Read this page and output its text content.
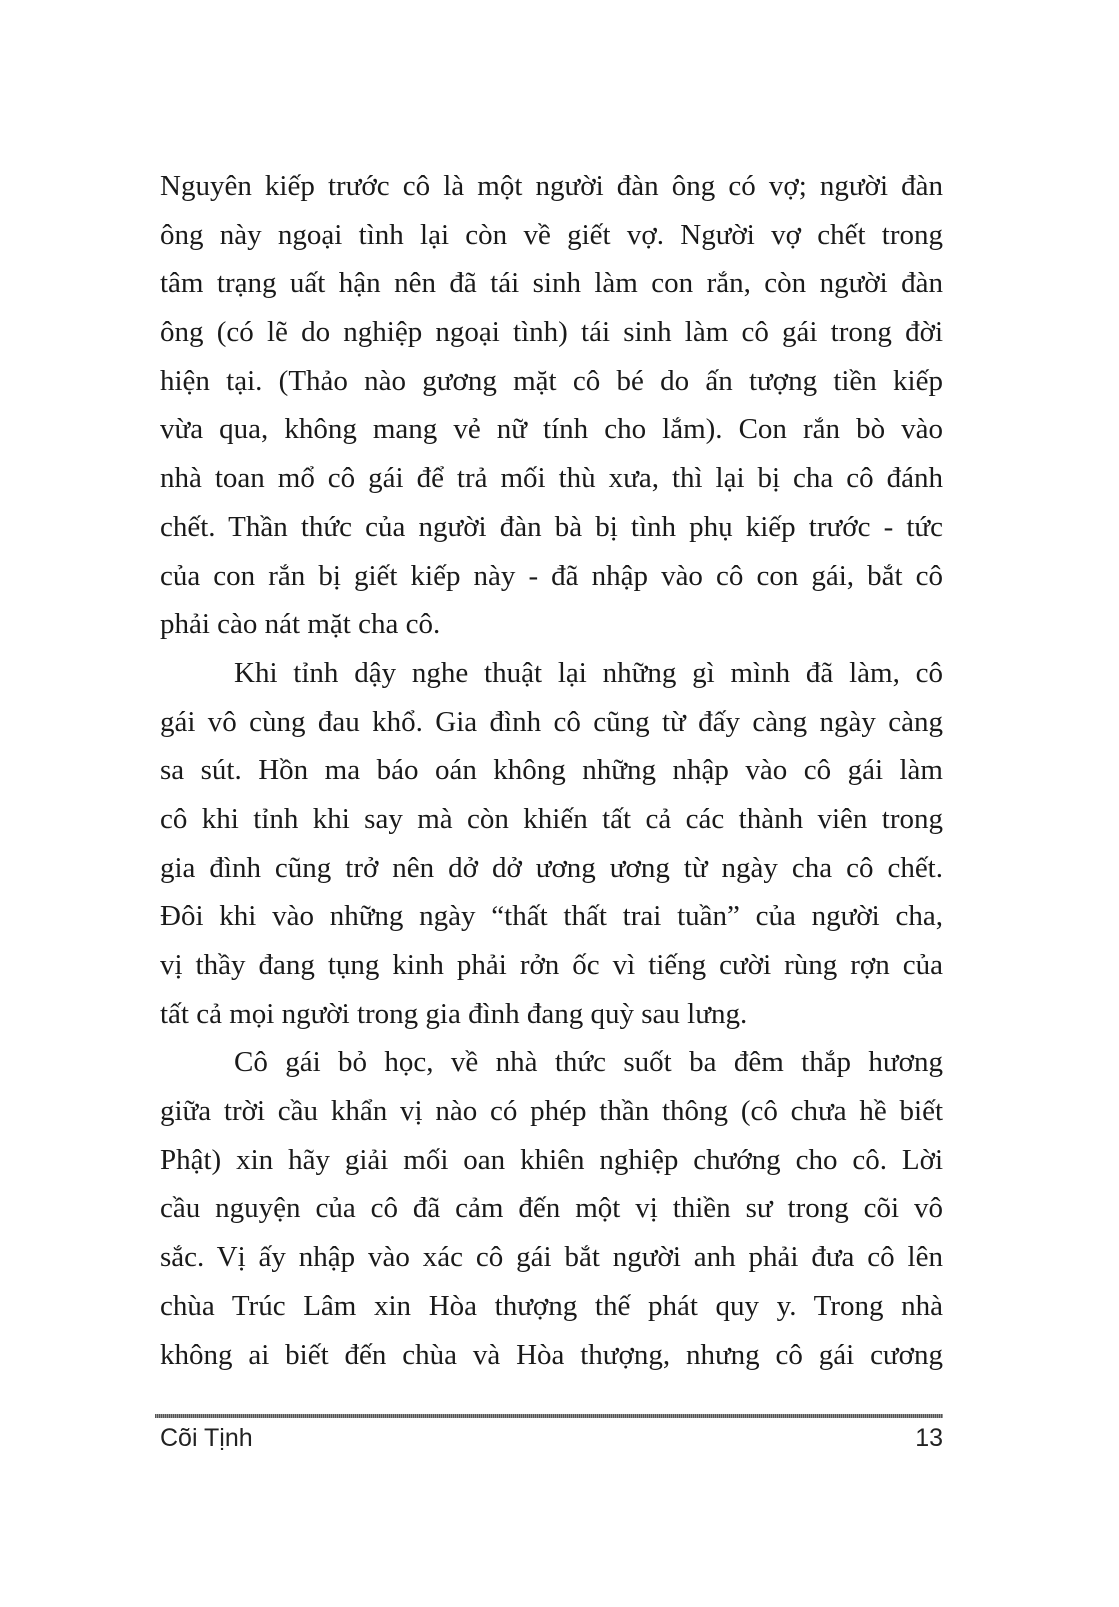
Nguyên kiếp trước cô là một người đàn ông có vợ; người đàn
ông này ngoại tình lại còn về giết vợ. Người vợ chết trong
tâm trạng uất hận nên đã tái sinh làm con rắn, còn người đàn
ông (có lẽ do nghiệp ngoại tình) tái sinh làm cô gái trong đời
hiện tại. (Thảo nào gương mặt cô bé do ấn tượng tiền kiếp
vừa qua, không mang vẻ nữ tính cho lắm). Con rắn bò vào
nhà toan mổ cô gái để trả mối thù xưa, thì lại bị cha cô đánh
chết. Thần thức của người đàn bà bị tình phụ kiếp trước - tức
của con rắn bị giết kiếp này - đã nhập vào cô con gái, bắt cô
phải cào nát mặt cha cô.
Khi tỉnh dậy nghe thuật lại những gì mình đã làm, cô
gái vô cùng đau khổ. Gia đình cô cũng từ đấy càng ngày càng
sa sút. Hồn ma báo oán không những nhập vào cô gái làm
cô khi tỉnh khi say mà còn khiến tất cả các thành viên trong
gia đình cũng trở nên dở dở ương ương từ ngày cha cô chết.
Đôi khi vào những ngày “thất thất trai tuần” của người cha,
vị thầy đang tụng kinh phải rởn ốc vì tiếng cười rùng rợn của
tất cả mọi người trong gia đình đang quỳ sau lưng.
Cô gái bỏ học, về nhà thức suốt ba đêm thắp hương
giữa trời cầu khẩn vị nào có phép thần thông (cô chưa hề biết
Phật) xin hãy giải mối oan khiên nghiệp chướng cho cô. Lời
cầu nguyện của cô đã cảm đến một vị thiền sư trong cõi vô
sắc. Vị ấy nhập vào xác cô gái bắt người anh phải đưa cô lên
chùa Trúc Lâm xin Hòa thượng thế phát quy y. Trong nhà
không ai biết đến chùa và Hòa thượng, nhưng cô gái cương
Cõi Tịnh	13
